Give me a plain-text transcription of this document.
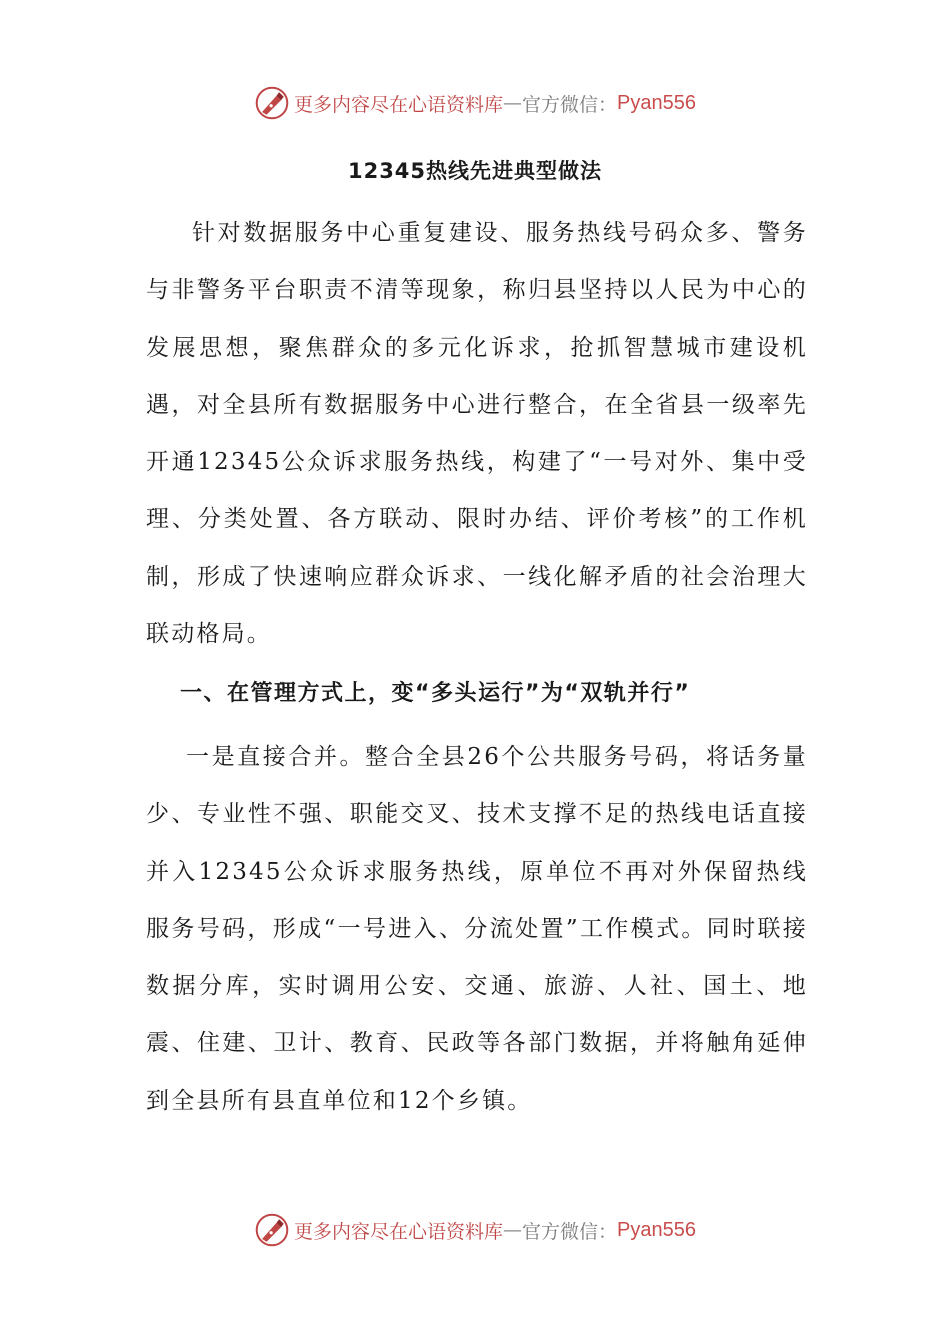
更多内容尽在心语资料库 — 官方微信： Pyan556
12345热线先进典型做法

针对数据服务中心重复建设、服务热线号码众多、警务与非警务平台职责不清等现象，称归县坚持以人民为中心的发展思想，聚焦群众的多元化诉求，抢抓智慧城市建设机遇，对全县所有数据服务中心进行整合，在全省县一级率先开通12345公众诉求服务热线，构建了“一号对外、集中受理、分类处置、各方联动、限时办结、评价考核”的工作机制，形成了快速响应群众诉求、一线化解矛盾的社会治理大联动格局。

一、在管理方式上，变“多头运行”为“双轨并行”

一是直接合并。整合全县26个公共服务号码，将话务量少、专业性不强、职能交叉、技术支撑不足的热线电话直接并入12345公众诉求服务热线，原单位不再对外保留热线服务号码，形成“一号进入、分流处置”工作模式。同时联接数据分库，实时调用公安、交通、旅游、人社、国土、地震、住建、卫计、教育、民政等各部门数据，并将触角延伸到全县所有县直单位和12个乡镇。

更多内容尽在心语资料库 — 官方微信： Pyan556
